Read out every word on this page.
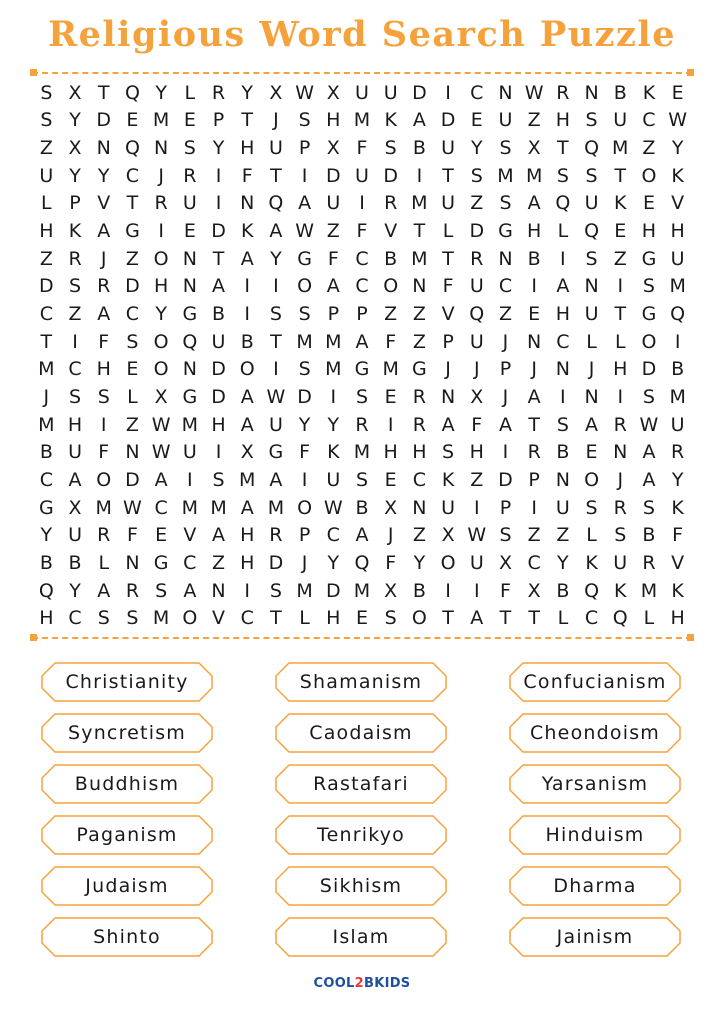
Religious Word Search Puzzle
S X T Q Y L R Y X W X U U D I	C N W R N B K E
S Y D E M E P T	J	S H M K A D E U Z H S U C W
Z X N Q N S Y H U P X F S B U Y S X T Q M Z Y
U Y Y C	J	R	I	F T	I D U D I	T S M M S S T O K
L P V T R U I N Q A U I	R M U Z S A Q U K E V
H K A G I	E D K A W Z F V T L D G H L Q E H H
Z R	J	Z O N T A Y G F C B M T R N B	I	S Z G U
D S R D H N A	I	I O A C O N F U C	I	A N I	S M
C Z A C Y G B	I	S S P P Z Z V Q Z E H U T G Q
T	I	F S O Q U B T M M A F Z P U J N C L L O I
M C H E O N D O I	S M G M G J	J	P	J N J H D B
J	S S L X G D A W D I	S E R N X	J	A	I N I	S M
M H I	Z W M H A U Y Y R	I	R A F A T S A R W U
B U F N W U I	X G F K M H H S H I	R B E N A R
C A O D A	I	S M A	I U S E C K Z D P N O J	A Y
G X M W C M M A M O W B X N U I	P	I U S R S K
Y U R F E V A H R P C A	J	Z X W S Z Z L S B F
B B L N G C Z H D J	Y Q F Y O U X C Y K U R V
Q Y A R S A N I	S M D M X B	I	I	F X B Q K M K
H C S S M O V C T L H E S O T A T T L C Q L H
Christianity	Shamanism	Confucianism
Syncretism	Caodaism	Cheondoism
Buddhism	Rastafari	Yarsanism
Paganism	Tenrikyo	Hinduism
Judaism	Sikhism	Dharma
Shinto	Islam	Jainism
COOL2BKIDS
